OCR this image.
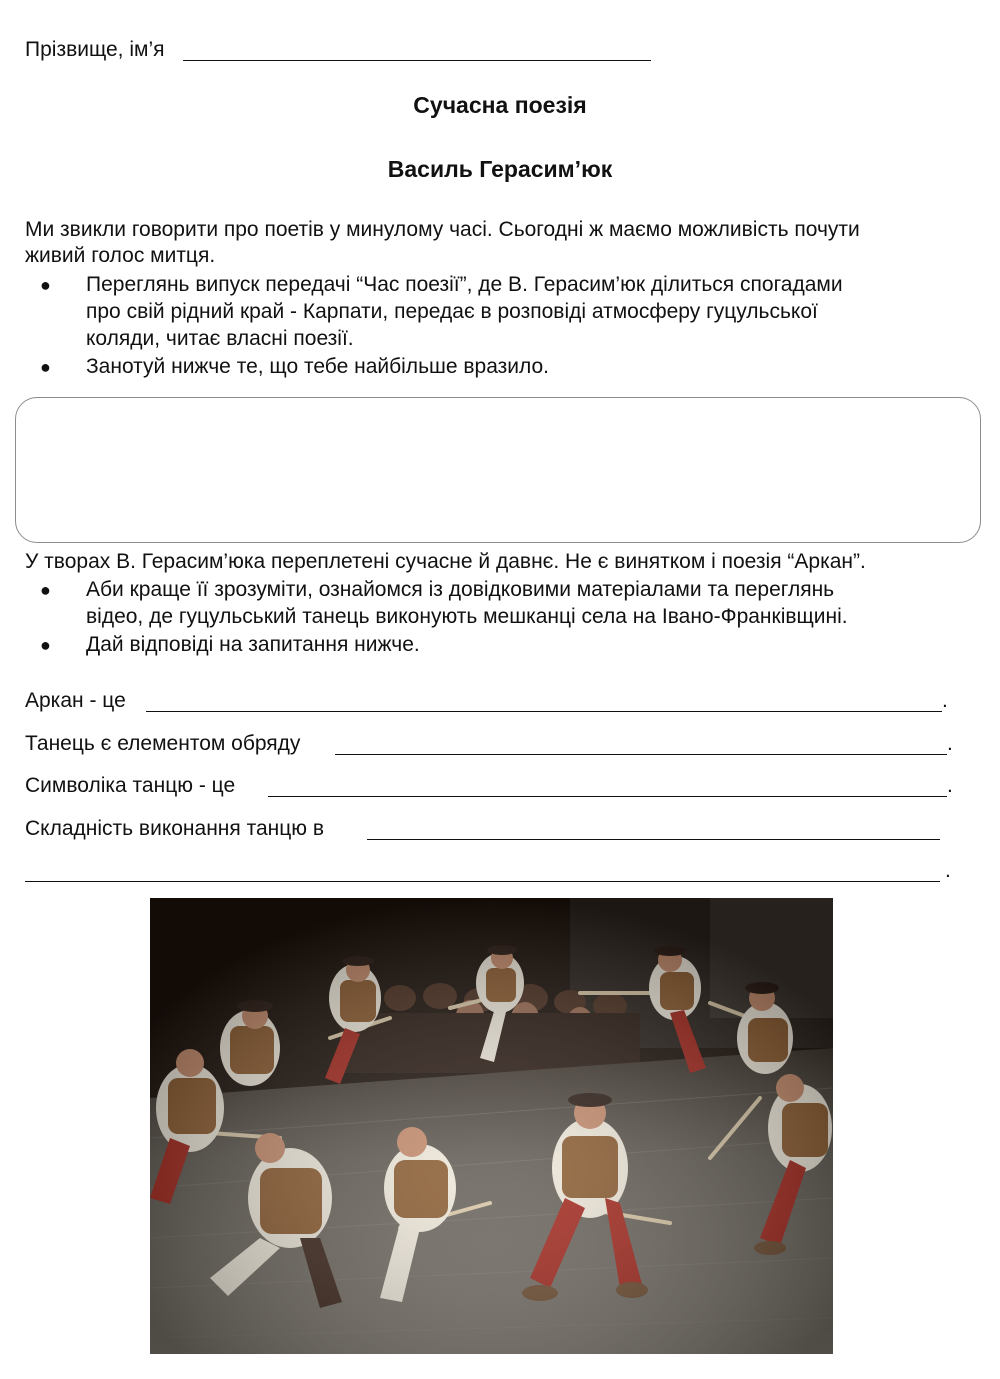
Прізвище, ім’я
Сучасна поезія
Василь Герасим’юк
Ми звикли говорити про поетів у минулому часі. Сьогодні ж маємо можливість почути
живий голос митця.
● Переглянь випуск передачі “Час поезії”, де В. Герасим’юк ділиться спогадами
про свій рідний край - Карпати, передає в розповіді атмосферу гуцульської
коляди, читає власні поезії.
● Занотуй нижче те, що тебе найбільше вразило.
У творах В. Герасим’юка переплетені сучасне й давнє. Не є винятком і поезія “Аркан”.
● Аби краще її зрозуміти, ознайомся із довідковими матеріалами та переглянь
відео, де гуцульський танець виконують мешканці села на Івано-Франківщині.
● Дай відповіді на запитання нижче.
Аркан - це	.
Танець є елементом обряду	.
Символіка танцю - це	.
Складність виконання танцю в
.
